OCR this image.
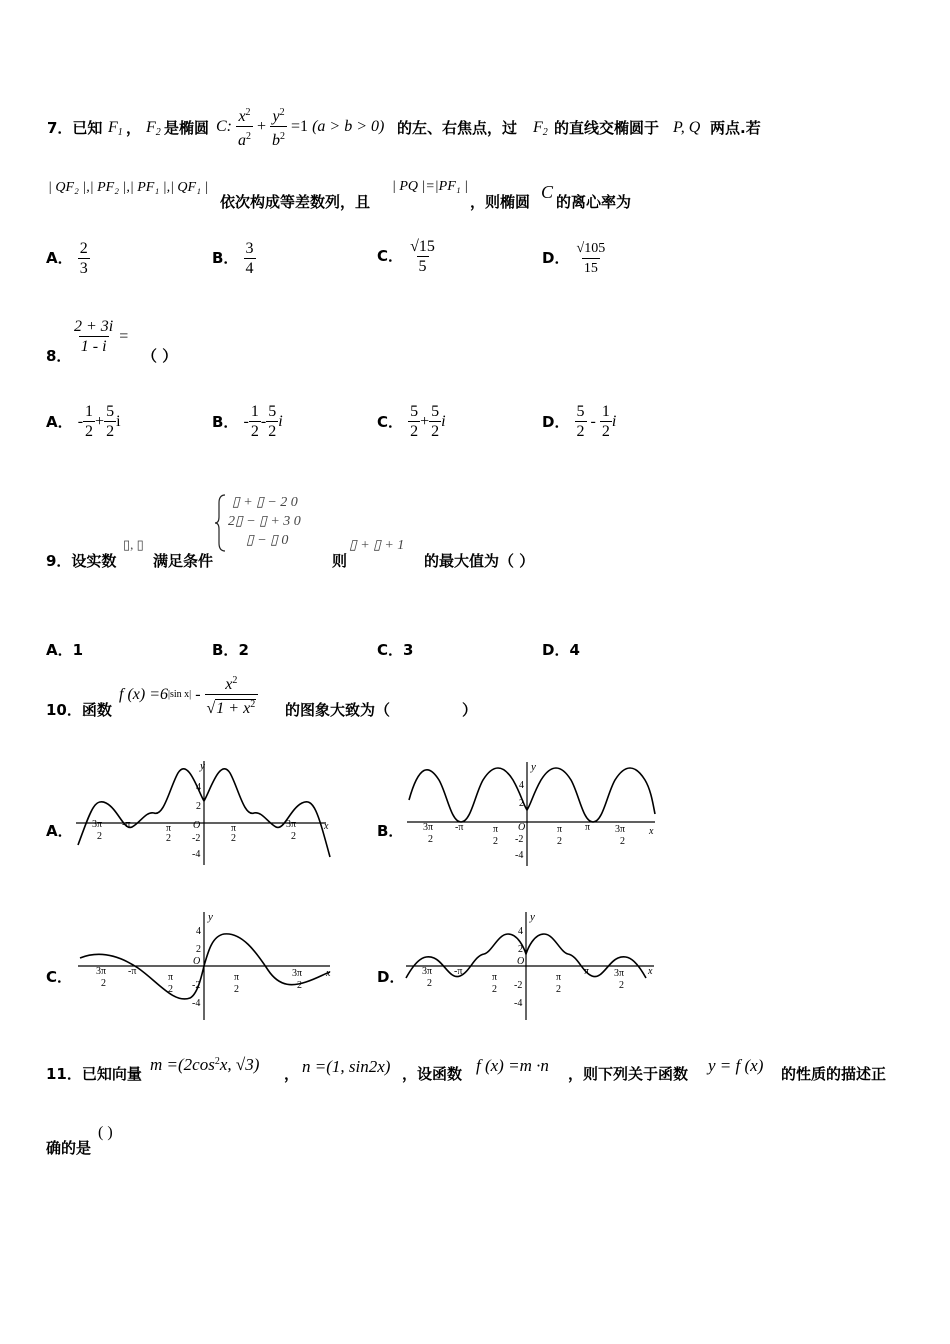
7．已知 $F_1$ ， $F_2$ 是椭圆 C:
$\frac{x^2}{a^2} + \frac{y^2}{b^2}$
=1
(a > b > 0) 的左、右焦点，过 $F_2$ 的直线交椭圆于 P, Q 两点.若
| QF₂ |,| PF₂ |,| PF₁ |,| QF₁ |
依次构成等差数列，且
| PQ |=|PF₁ |
，则椭圆 C 的离心率为
A． $\frac{2}{3}$	B． $\frac{3}{4}$	C． $\frac{√15}{5}$	D． $\frac{√105}{15}$
8．
$\frac{2 + 3i}{1 - i}$
=
（ ）
A．
- $\frac{1}{2} + \frac{5}{2}$ i	B．
- $\frac{1}{2} - \frac{5}{2}$ i	C．
$\frac{5}{2} + \frac{5}{2}$ i	D．
$\frac{5}{2}$
-
$\frac{1}{2}$ i
9．设实数
▯, ▯
满足条件
▯ + ▯ − 2 0
2▯ − ▯ + 3 0
▯ − ▯ 0
则
▯ + ▯ + 1
的最大值为（ ）
A．1	B．2	C．3	D．4
10．函数
f (x) =6 |sin x|
-
$\frac{x^2}{√1 + x^2}$ 的图象大致为（	）
A．	B．
C．	D．
x
y
O
4
2
-2
-4
3π
2
-π	π
2
π
2
3π
2	x
y
O
4
2
-2
-4
3π
2
-π	π
2
π
2
π 3π
2
x
y
O
4
2
-2
-4
3π
2
-π
π
2
π
2
3π
2
x
y
O
4
2
-2
-4
3π
2
-π
π
2
π
2
π 3π
2
11．已知向量 $m =(2\cos^2x$, √3) ， n =(1, sin2x) ，设函数 f (x) =m ·n ，则下列关于函数 y = f (x) 的性质的描述正
确的是
( )
